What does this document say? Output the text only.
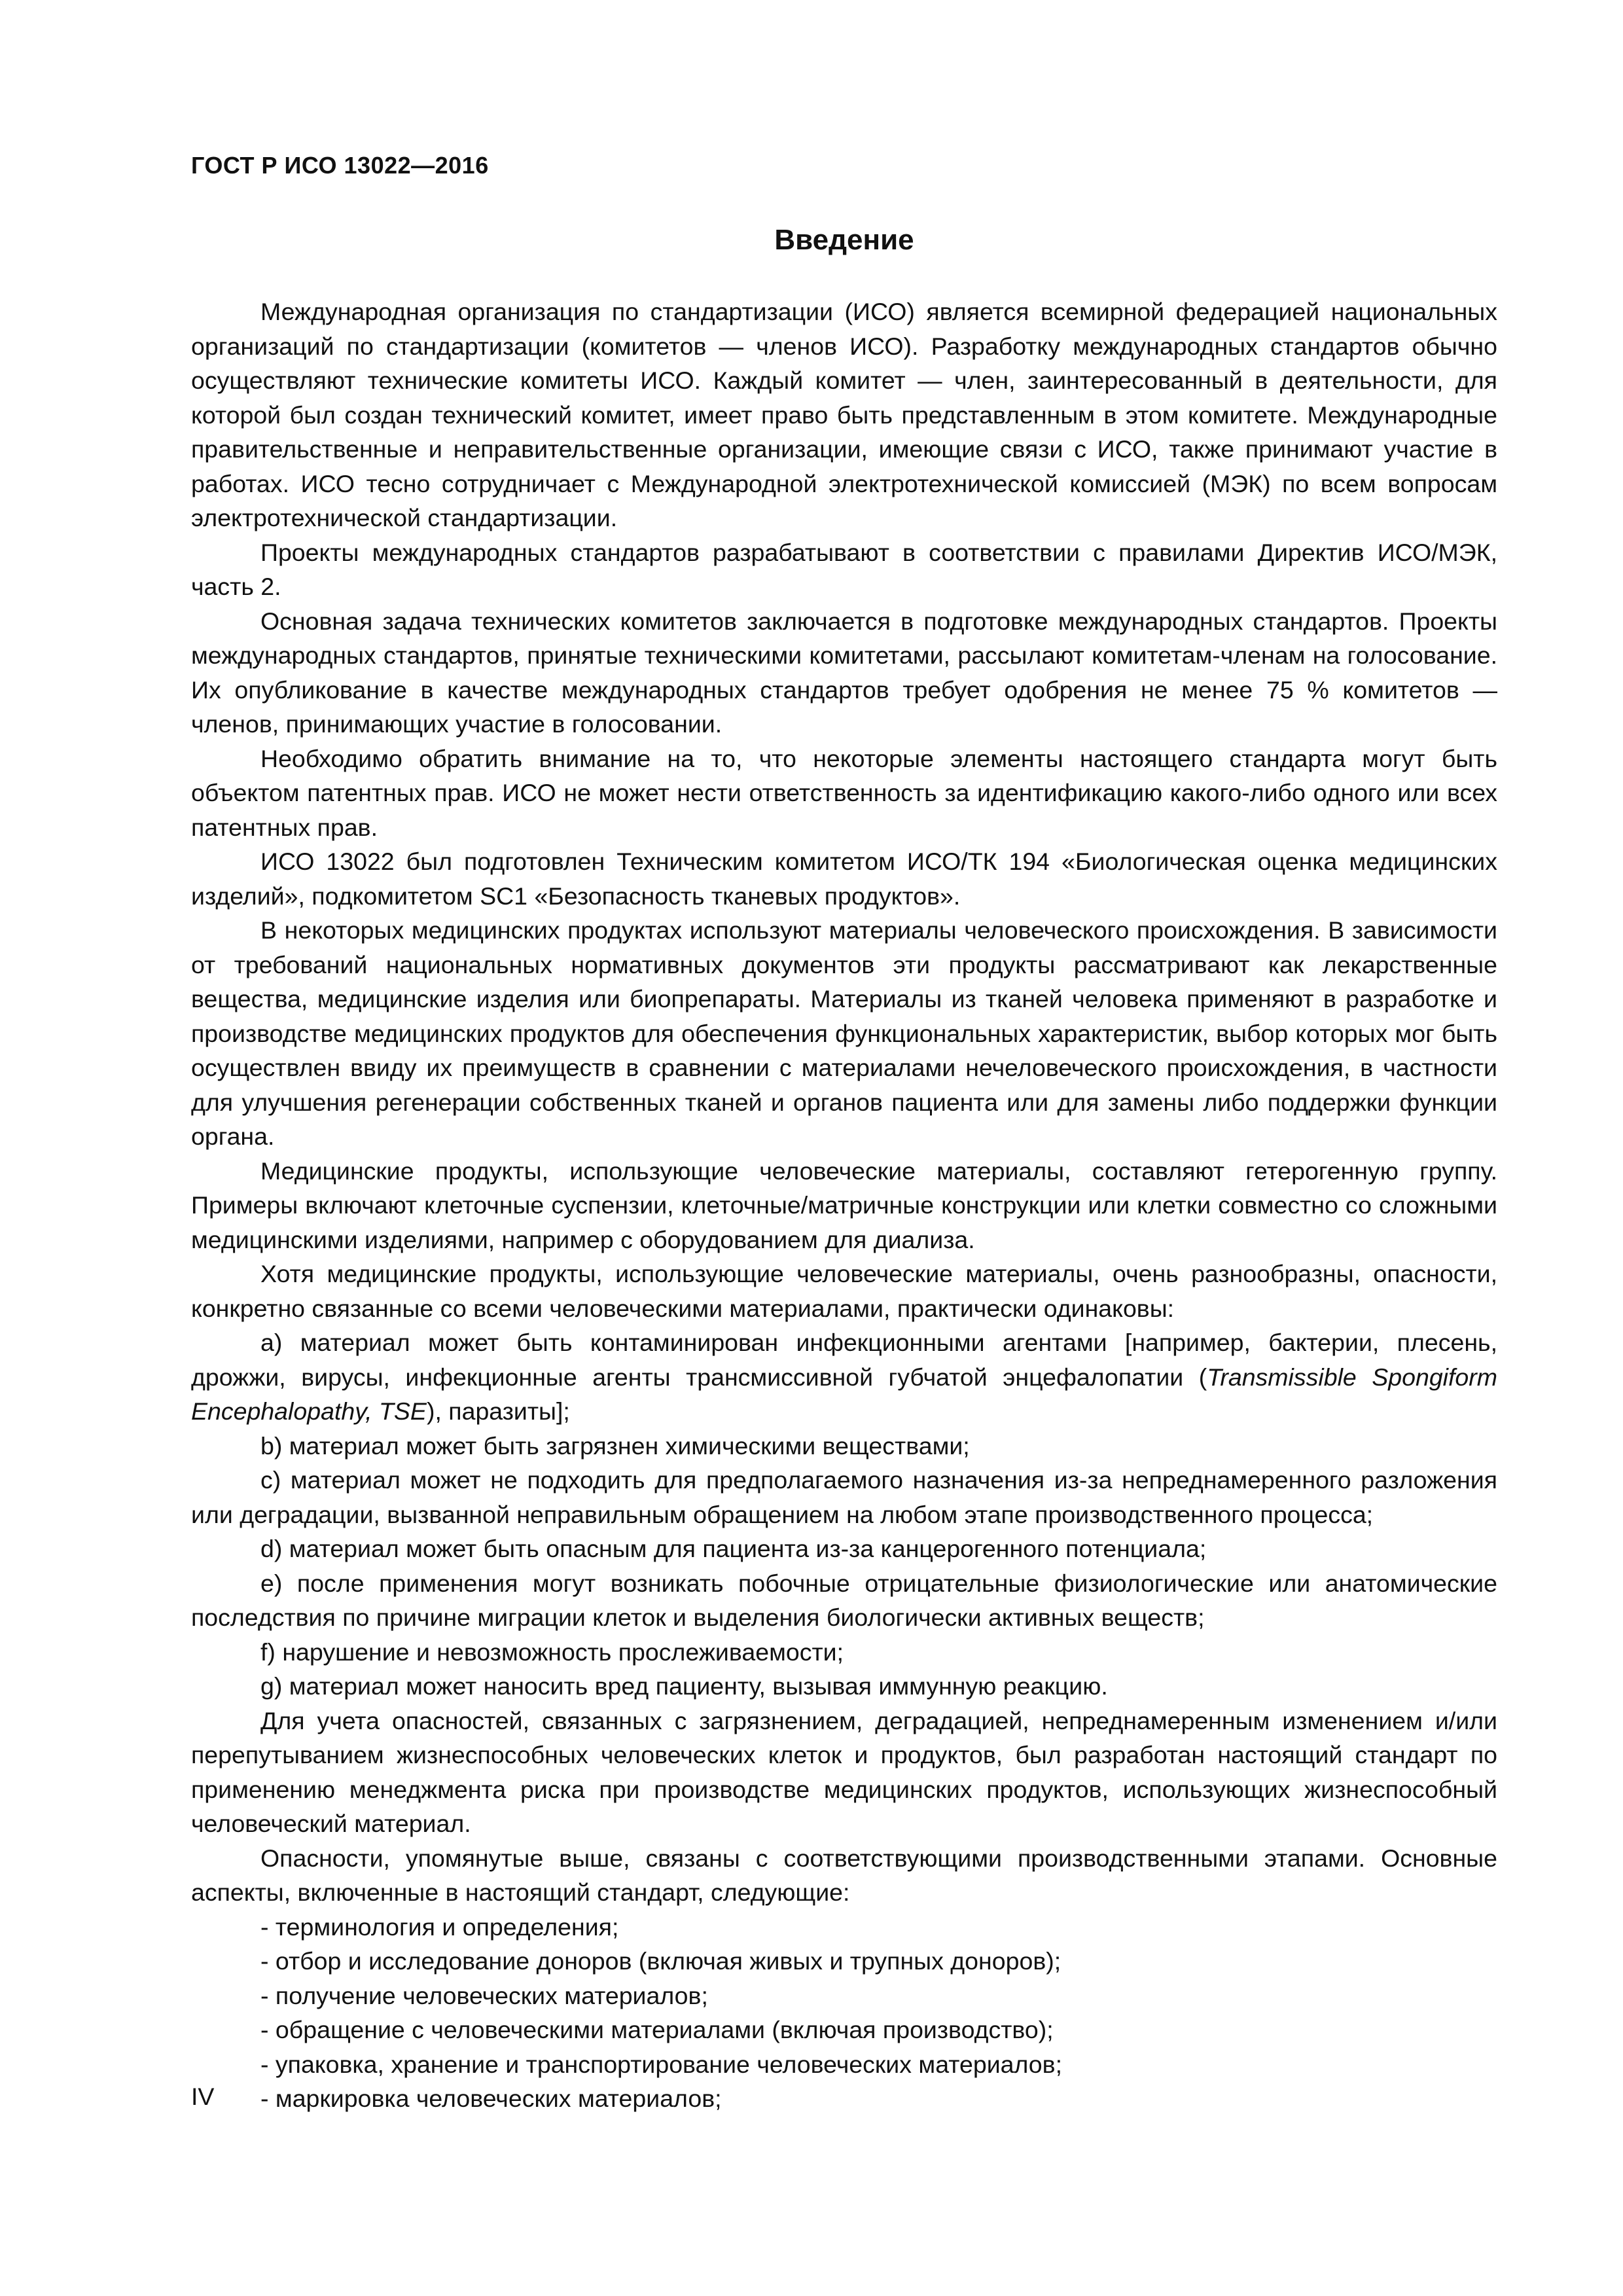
ГОСТ Р ИСО 13022—2016
Введение

Международная организация по стандартизации (ИСО) является всемирной федерацией национальных организаций по стандартизации (комитетов — членов ИСО). Разработку международных стандартов обычно осуществляют технические комитеты ИСО. Каждый комитет — член, заинтересованный в деятельности, для которой был создан технический комитет, имеет право быть представленным в этом комитете. Международные правительственные и неправительственные организации, имеющие связи с ИСО, также принимают участие в работах. ИСО тесно сотрудничает с Международной электротехнической комиссией (МЭК) по всем вопросам электротехнической стандартизации.

Проекты международных стандартов разрабатывают в соответствии с правилами Директив ИСО/МЭК, часть 2.

Основная задача технических комитетов заключается в подготовке международных стандартов. Проекты международных стандартов, принятые техническими комитетами, рассылают комитетам-членам на голосование. Их опубликование в качестве международных стандартов требует одобрения не менее 75 % комитетов — членов, принимающих участие в голосовании.

Необходимо обратить внимание на то, что некоторые элементы настоящего стандарта могут быть объектом патентных прав. ИСО не может нести ответственность за идентификацию какого-либо одного или всех патентных прав.

ИСО 13022 был подготовлен Техническим комитетом ИСО/ТК 194 «Биологическая оценка медицинских изделий», подкомитетом SC1 «Безопасность тканевых продуктов».

В некоторых медицинских продуктах используют материалы человеческого происхождения. В зависимости от требований национальных нормативных документов эти продукты рассматривают как лекарственные вещества, медицинские изделия или биопрепараты. Материалы из тканей человека применяют в разработке и производстве медицинских продуктов для обеспечения функциональных характеристик, выбор которых мог быть осуществлен ввиду их преимуществ в сравнении с материалами нечеловеческого происхождения, в частности для улучшения регенерации собственных тканей и органов пациента или для замены либо поддержки функции органа.

Медицинские продукты, использующие человеческие материалы, составляют гетерогенную группу. Примеры включают клеточные суспензии, клеточные/матричные конструкции или клетки совместно со сложными медицинскими изделиями, например с оборудованием для диализа.

Хотя медицинские продукты, использующие человеческие материалы, очень разнообразны, опасности, конкретно связанные со всеми человеческими материалами, практически одинаковы:

а) материал может быть контаминирован инфекционными агентами [например, бактерии, плесень, дрожжи, вирусы, инфекционные агенты трансмиссивной губчатой энцефалопатии (Transmissible Spongiform Encephalopathy, TSE), паразиты];

b) материал может быть загрязнен химическими веществами;

с) материал может не подходить для предполагаемого назначения из-за непреднамеренного разложения или деградации, вызванной неправильным обращением на любом этапе производственного процесса;

d) материал может быть опасным для пациента из-за канцерогенного потенциала;

е) после применения могут возникать побочные отрицательные физиологические или анатомические последствия по причине миграции клеток и выделения биологически активных веществ;

f) нарушение и невозможность прослеживаемости;

g) материал может наносить вред пациенту, вызывая иммунную реакцию.

Для учета опасностей, связанных с загрязнением, деградацией, непреднамеренным изменением и/или перепутыванием жизнеспособных человеческих клеток и продуктов, был разработан настоящий стандарт по применению менеджмента риска при производстве медицинских продуктов, использующих жизнеспособный человеческий материал.

Опасности, упомянутые выше, связаны с соответствующими производственными этапами. Основные аспекты, включенные в настоящий стандарт, следующие:

- терминология и определения;

- отбор и исследование доноров (включая живых и трупных доноров);

- получение человеческих материалов;

- обращение с человеческими материалами (включая производство);

- упаковка, хранение и транспортирование человеческих материалов;

- маркировка человеческих материалов;

IV
